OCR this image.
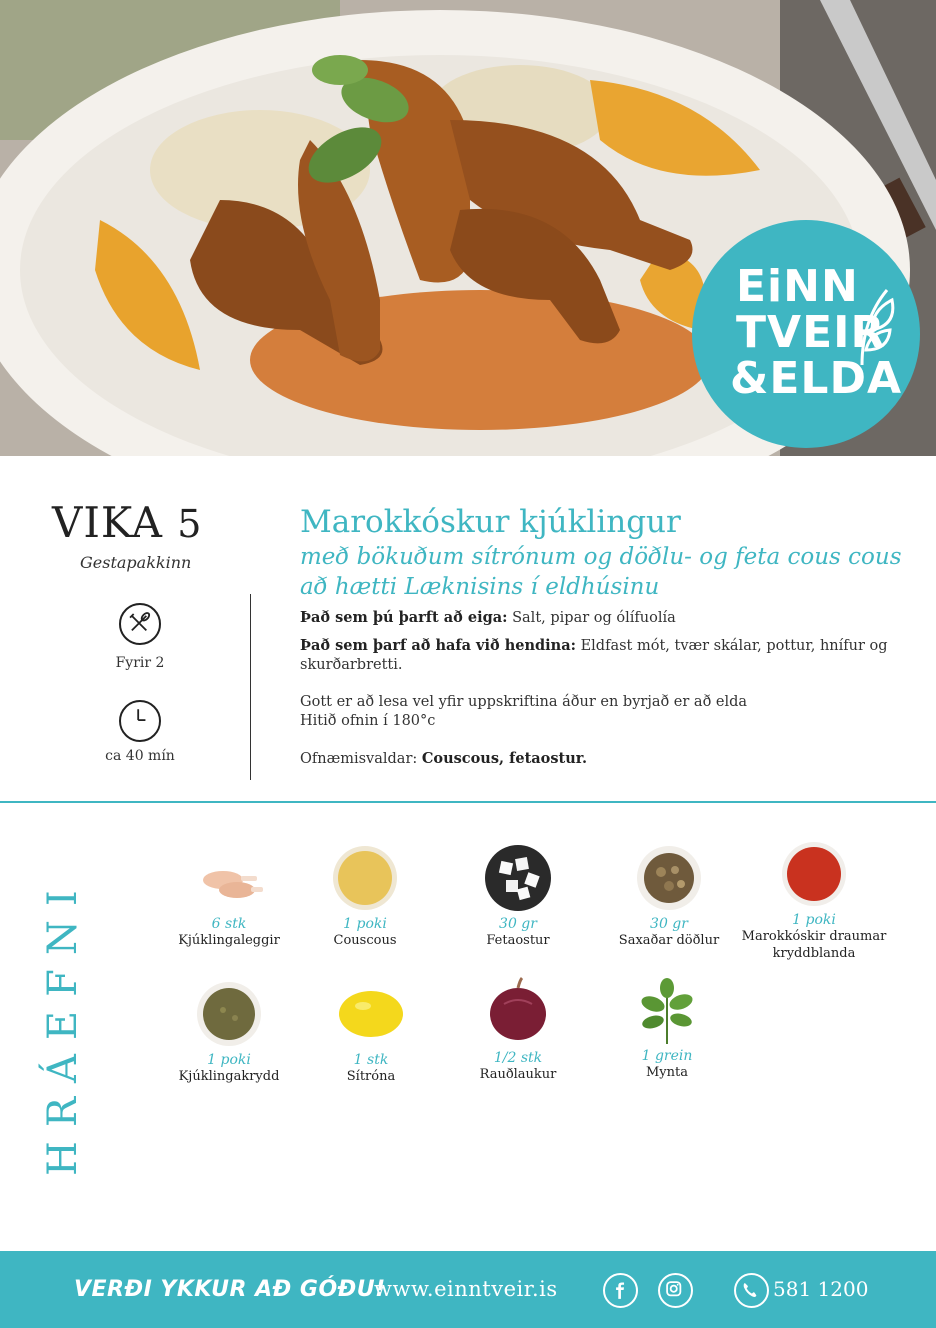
EiNN
TVEIR
&ELDA
VIKA 5
Gestapakkinn
Fyrir 2
ca 40 mín
Marokkóskur kjúklingur
með bökuðum sítrónum og döðlu- og feta cous cous að hætti Læknisins í eldhúsinu
Það sem þú þarft að eiga: Salt, pipar og ólífuolía
Það sem þarf að hafa við hendina: Eldfast mót, tvær skálar, pottur, hnífur og skurðarbretti.
Gott er að lesa vel yfir uppskriftina áður en byrjað er að elda
Hitið ofnin í 180°c
Ofnæmisvaldar: Couscous, fetaostur.
HRÁEFNI	6 stk
Kjúklingaleggir
1 poki
Couscous
30 gr
Fetaostur
30 gr
Saxaðar döðlur
1 poki
Marokkóskir draumar kryddblanda
1 poki
Kjúklingakrydd
1 stk
Sítróna
1/2 stk
Rauðlaukur
1 grein
Mynta
VERÐI YKKUR AÐ GÓÐU!
www.einntveir.is	581 1200
